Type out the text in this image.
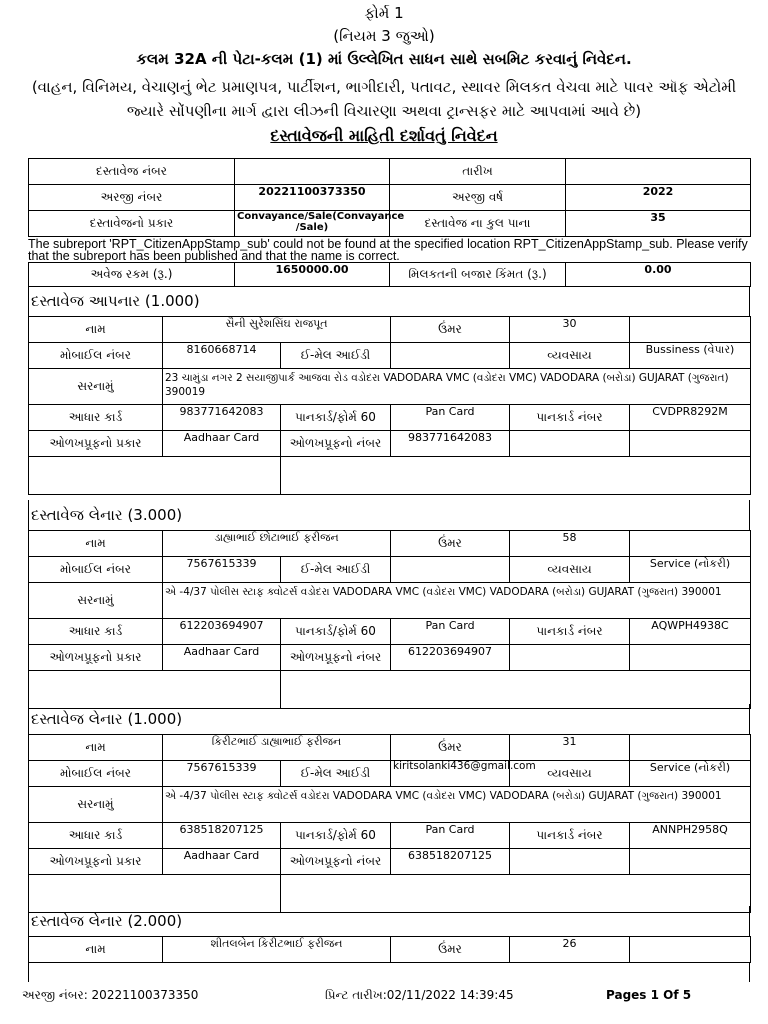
ફોર્મ 1
(નિયમ 3 જુઓ)
કલમ 32A ની પેટા-કલમ (1) માં ઉલ્લેખિત સાધન સાથે સબમિટ કરવાનું નિવેદન.
(વાહન, વિનિમય, વેચાણનું ભેટ પ્રમાણપત્ર, પાર્ટીશન, ભાગીદારી, પતાવટ, સ્થાવર મિલકત વેચવા માટે પાવર ઑફ એટોમી જ્યારે સોંપણીના માર્ગ દ્વારા લીઝની વિચારણા અથવા ટ્રાન્સફર માટે આપવામાં આવે છે)
દસ્તાવેજની માહિતી દર્શાવતું નિવેદન
દસ્તાવેજ નંબર		તારીખ	
અરજી નંબર	20221100373350	અરજી વર્ષ	2022
દસ્તાવેજનો પ્રકાર	Convayance/Sale(Convayance /Sale)	દસ્તાવેજ ના કુલ પાના	35
The subreport 'RPT_CitizenAppStamp_sub' could not be found at the specified location RPT_CitizenAppStamp_sub. Please verify that the subreport has been published and that the name is correct.
અવેજ રકમ (રૂ.)	1650000.00	મિલકતની બજાર કિંમત (રૂ.)	0.00
દસ્તાવેજ આપનાર (1.000)
નામ	સૈની સુરેશસિંઘ રાજપૂત		ઉંમર	30	
મોબાઈલ નંબર	8160668714	ઈ-મેલ આઈડી		વ્યવસાય	Bussiness (વેપાર)
સરનામું	23 ચામુંડા નગર 2 સયાજીપાર્ક આજવા રોડ વડોદરા VADODARA VMC (વડોદરા VMC) VADODARA (બરોડા) GUJARAT (ગુજરાત) 390019				
આધાર કાર્ડ	983771642083	પાનકાર્ડ/ફોર્મ 60	Pan Card	પાનકાર્ડ નંબર	CVDPR8292M
ઓળખપ્રૂફનો પ્રકાર	Aadhaar Card	ઓળખપ્રૂફનો નંબર	983771642083		

દસ્તાવેજ લેનાર (3.000)
નામ	ડાહ્યાભાઈ છોટાભાઈ ફરીજન		ઉંમર	58	
મોબાઈલ નંબર	7567615339	ઈ-મેલ આઈડી		વ્યવસાય	Service (નોકરી)
સરનામું	એ -4/37 પોલીસ સ્ટાફ ક્વોટર્સ વડોદરા VADODARA VMC (વડોદરા VMC) VADODARA (બરોડા) GUJARAT (ગુજરાત) 390001				
આધાર કાર્ડ	612203694907	પાનકાર્ડ/ફોર્મ 60	Pan Card	પાનકાર્ડ નંબર	AQWPH4938C
ઓળખપ્રૂફનો પ્રકાર	Aadhaar Card	ઓળખપ્રૂફનો નંબર	612203694907		

દસ્તાવેજ લેનાર (1.000)
નામ	કિરીટભાઈ ડાહ્યાભાઈ ફરીજન		ઉંમર	31	
મોબાઈલ નંબર	7567615339	ઈ-મેલ આઈડી	kiritsolanki436@gmail.com	વ્યવસાય	Service (નોકરી)
સરનામું	એ -4/37 પોલીસ સ્ટાફ ક્વોટર્સ વડોદરા VADODARA VMC (વડોદરા VMC) VADODARA (બરોડા) GUJARAT (ગુજરાત) 390001				
આધાર કાર્ડ	638518207125	પાનકાર્ડ/ફોર્મ 60	Pan Card	પાનકાર્ડ નંબર	ANNPH2958Q
ઓળખપ્રૂફનો પ્રકાર	Aadhaar Card	ઓળખપ્રૂફનો નંબર	638518207125		

દસ્તાવેજ લેનાર (2.000)
નામ	શીતલબેન કિરીટભાઈ ફરીજન	ઉંમર	26	
અરજી નંબર: 20221100373350	પ્રિન્ટ તારીખ:02/11/2022 14:39:45	Pages 1 Of 5
